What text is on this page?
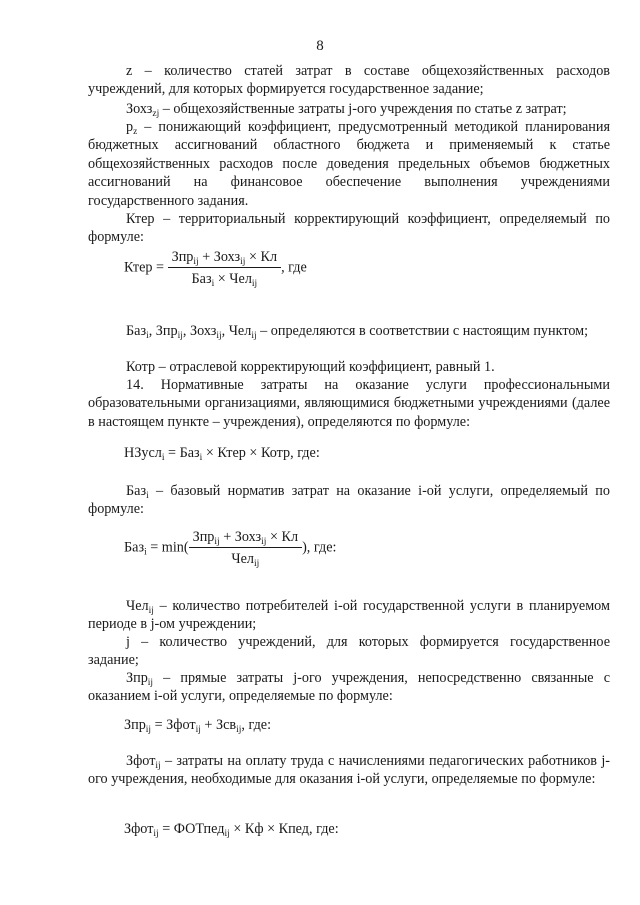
8

z – количество статей затрат в составе общехозяйственных расходов учреждений, для которых формируется государственное задание;

Зохз$_{zj}$ – общехозяйственные затраты j-ого учреждения по статье z затрат;

$p_z$ – понижающий коэффициент, предусмотренный методикой планирования бюджетных ассигнований областного бюджета и применяемый к статье общехозяйственных расходов после доведения предельных объемов бюджетных ассигнований на финансовое обеспечение выполнения учреждениями государственного задания.

Ктер – территориальный корректирующий коэффициент, определяемый по формуле:

Ктер = $\frac{Зпр_{ij} + Зохз_{ij} \times Кл}{Баз_i \times Чел_{ij}}$ , где

Баз$_i$, Зпр$_{ij}$, Зохз$_{ij}$, Чел$_{ij}$ – определяются в соответствии с настоящим пунктом;

Котр – отраслевой корректирующий коэффициент, равный 1.

14. Нормативные затраты на оказание услуги профессиональными образовательными организациями, являющимися бюджетными учреждениями (далее в настоящем пункте – учреждения), определяются по формуле:

НЗусл$_i$ = Баз$_i$ × Ктер × Котр, где:

Баз$_i$ – базовый норматив затрат на оказание i-ой услуги, определяемый по формуле:

$Баз_i = \min( \frac{Зпр_{ij} + Зохз_{ij} \times Кл}{Чел_{ij}}$ ), где:

Чел$_{ij}$ – количество потребителей i-ой государственной услуги в планируемом периоде в j-ом учреждении;

j – количество учреждений, для которых формируется государственное задание;

Зпр$_{ij}$ – прямые затраты j-ого учреждения, непосредственно связанные с оказанием i-ой услуги, определяемые по формуле:

Зпр$_{ij}$ = Зфот$_{ij}$ + Зсв$_{ij}$, где:

Зфот$_{ij}$ – затраты на оплату труда с начислениями педагогических работников j-ого учреждения, необходимые для оказания i-ой услуги, определяемые по формуле:

Зфот$_{ij}$ = ФОТпед$_{ij}$ × Кф × Кпед, где:
